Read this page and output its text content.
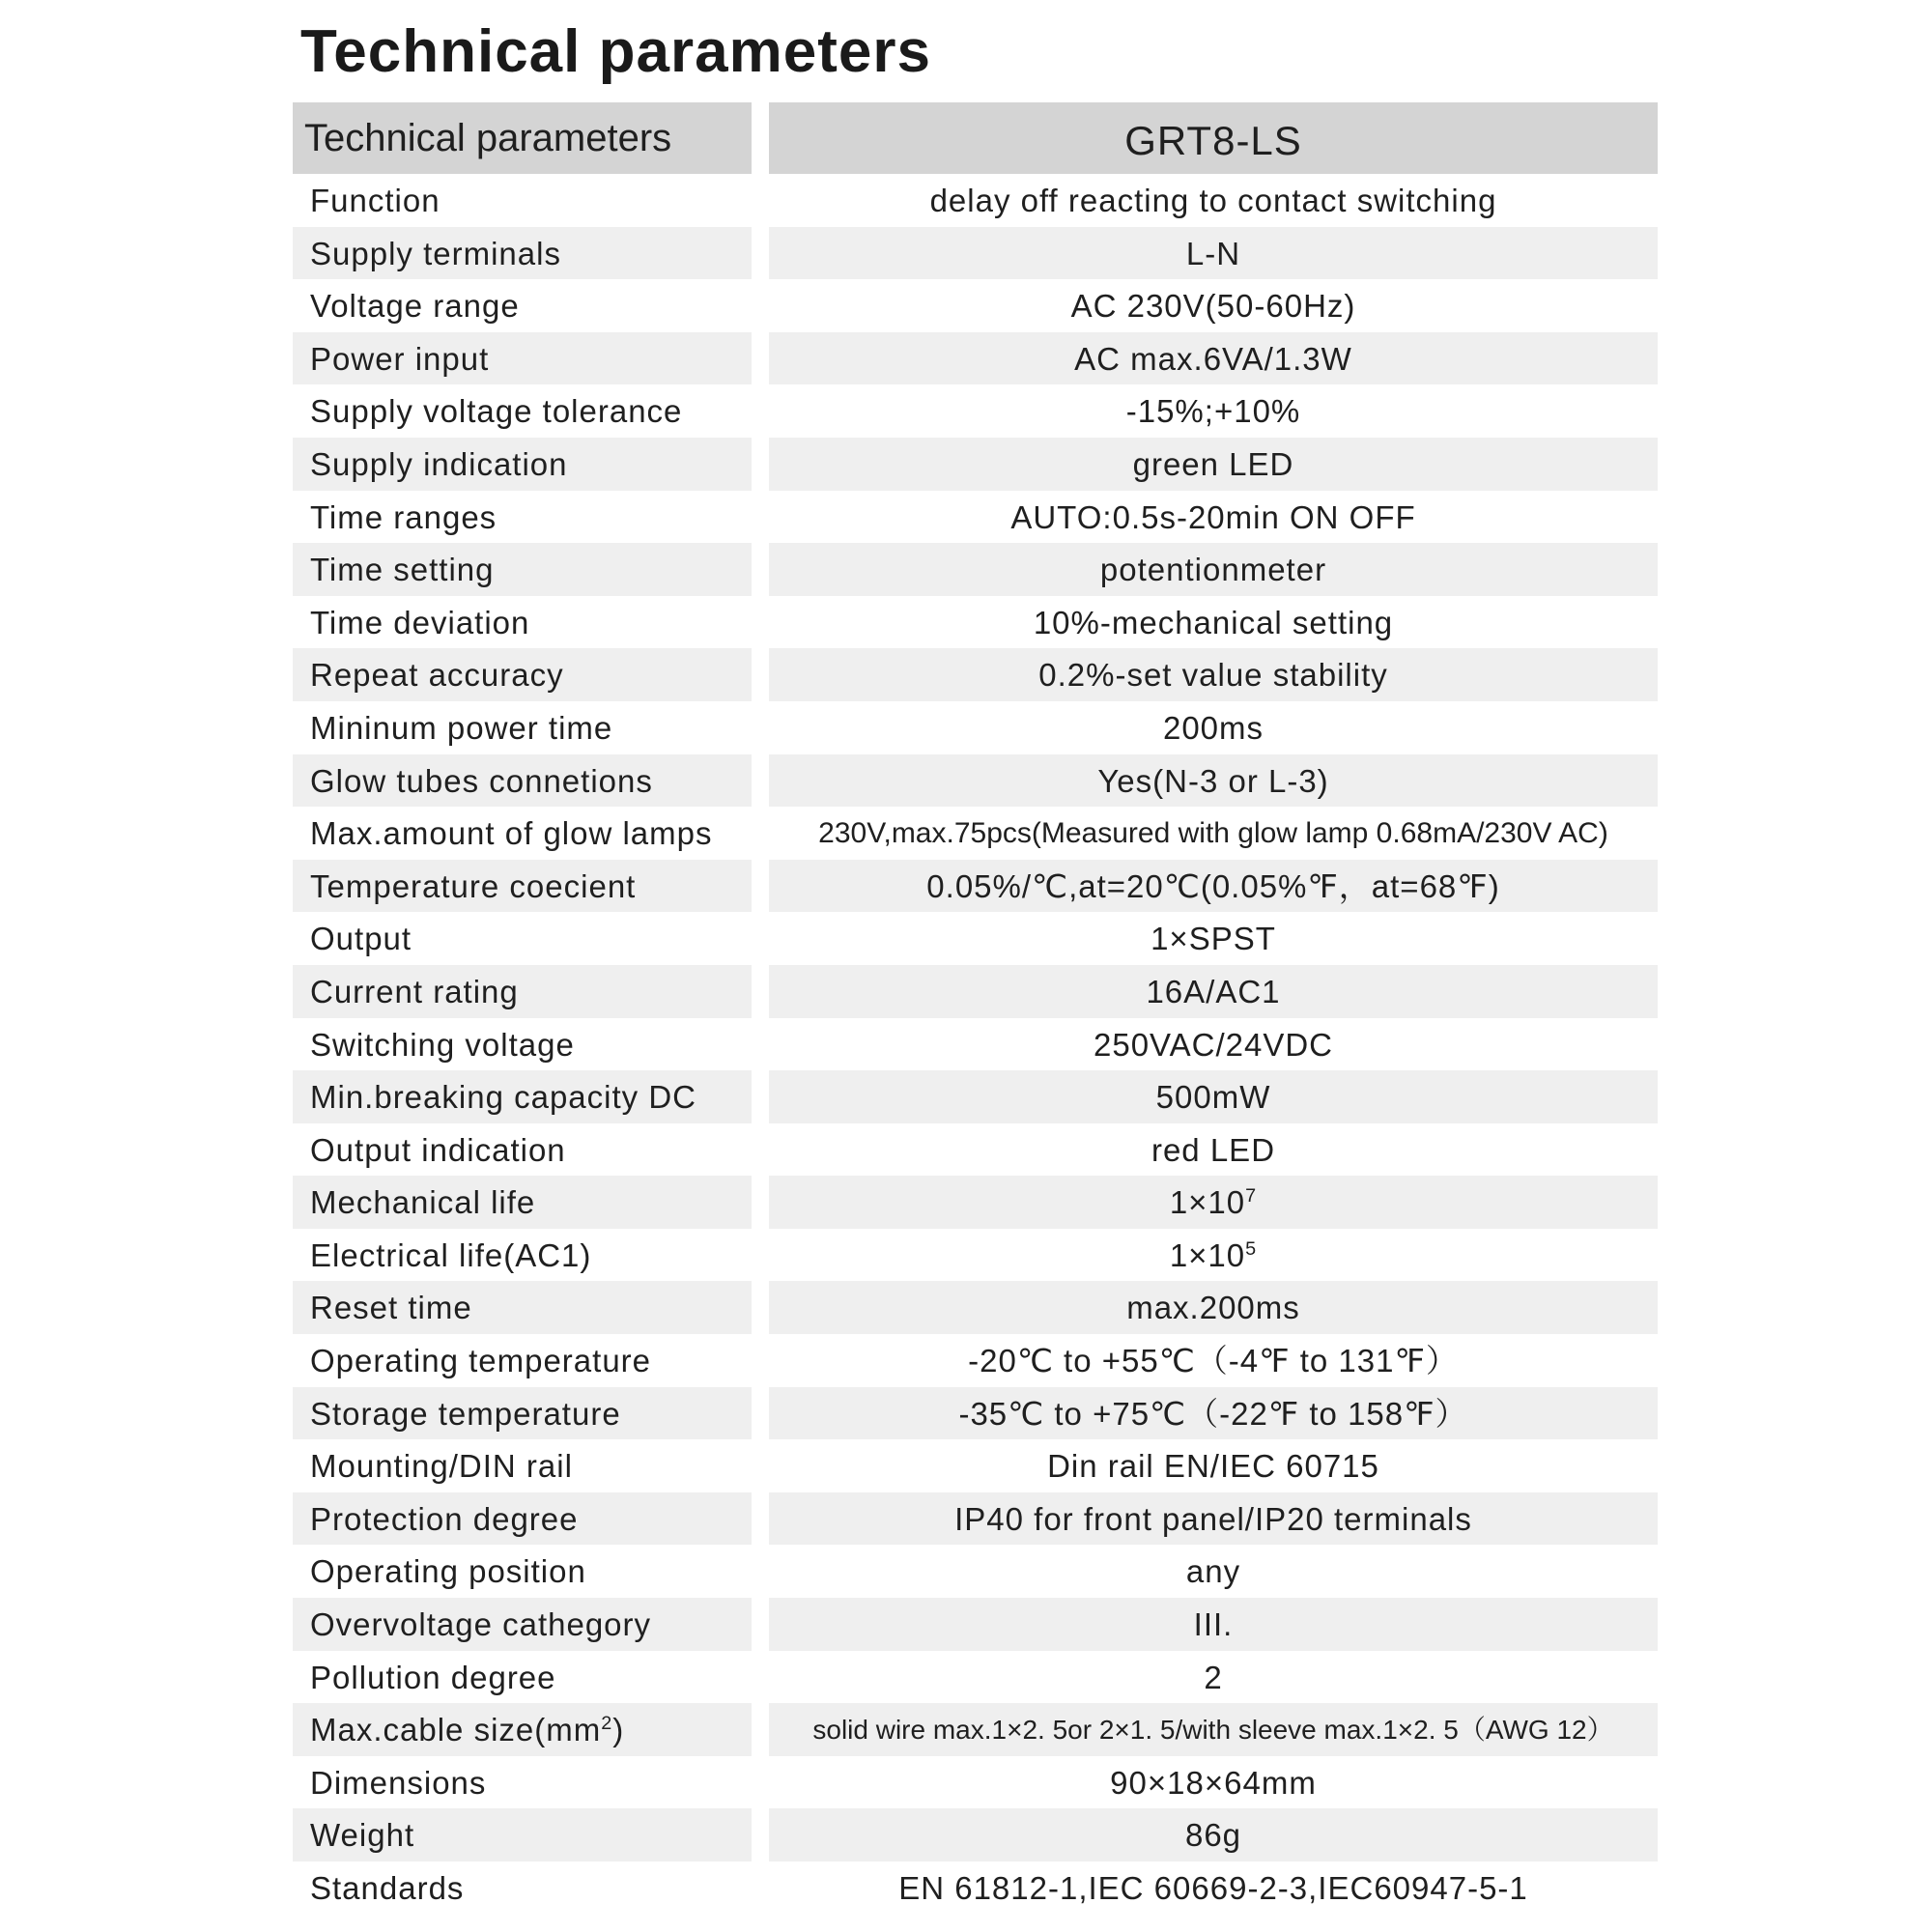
Technical parameters
Technical parameters	GRT8-LS
Function	delay off reacting to contact switching
Supply terminals	L-N
Voltage range	AC 230V(50-60Hz)
Power input	AC max.6VA/1.3W
Supply voltage tolerance	-15%;+10%
Supply indication	green LED
Time ranges	AUTO:0.5s-20min ON OFF
Time setting	potentionmeter
Time deviation	10%-mechanical setting
Repeat accuracy	0.2%-set value stability
Mininum power time	200ms
Glow tubes connetions	Yes(N-3 or L-3)
Max.amount of glow lamps	230V,max.75pcs(Measured with glow lamp 0.68mA/230V AC)
Temperature coecient	0.05%/℃,at=20℃(0.05%℉，at=68℉)
Output	1×SPST
Current rating	16A/AC1
Switching voltage	250VAC/24VDC
Min.breaking capacity DC	500mW
Output indication	red LED
Mechanical life	$1\times 10^7$
Electrical life(AC1)	$1\times 10^5$
Reset time	max.200ms
Operating temperature	-20℃ to +55℃（-4℉ to 131℉）
Storage temperature	-35℃ to +75℃（-22℉ to 158℉）
Mounting/DIN rail	Din rail EN/IEC 60715
Protection degree	IP40 for front panel/IP20 terminals
Operating position	any
Overvoltage cathegory	III.
Pollution degree	2
Max.cable $size(mm^2)$	solid wire max.1×2. 5or 2×1. 5/with sleeve max.1×2. 5（AWG 12）
Dimensions	90×18×64mm
Weight	86g
Standards	EN 61812-1,IEC 60669-2-3,IEC60947-5-1
